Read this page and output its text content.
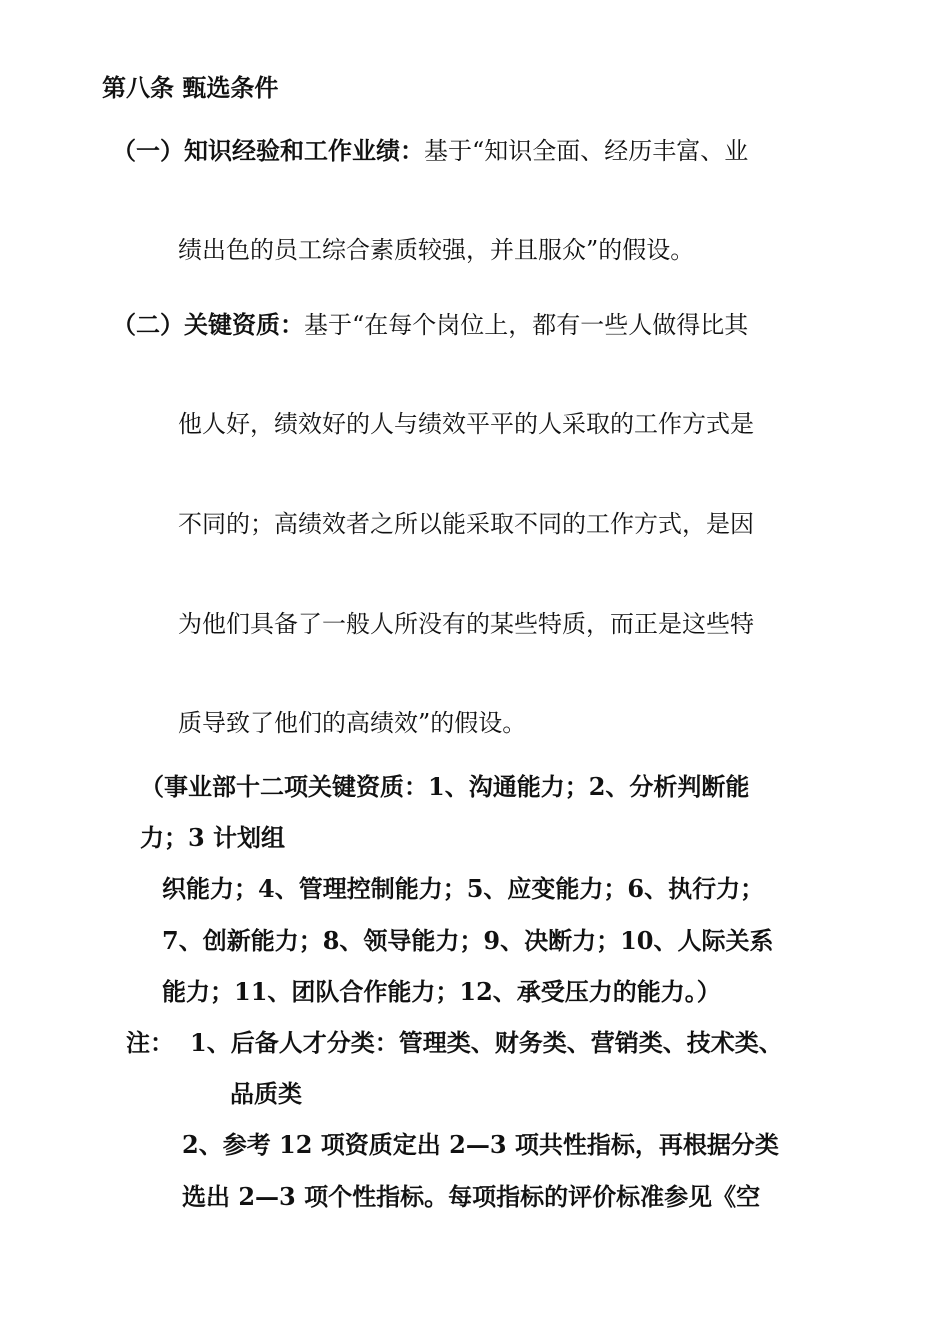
第八条 甄选条件
（一）知识经验和工作业绩：基于“知识全面、经历丰富、业
绩出色的员工综合素质较强，并且服众”的假设。
（二）关键资质：基于“在每个岗位上，都有一些人做得比其
他人好，绩效好的人与绩效平平的人采取的工作方式是
不同的；高绩效者之所以能采取不同的工作方式，是因
为他们具备了一般人所没有的某些特质，而正是这些特
质导致了他们的高绩效”的假设。
（事业部十二项关键资质：1、沟通能力；2、分析判断能
力；3 计划组
织能力；4、管理控制能力；5、应变能力；6、执行力；
7、创新能力；8、领导能力；9、决断力；10、人际关系
能力；11、团队合作能力；12、承受压力的能力。）
注： 1、后备人才分类：管理类、财务类、营销类、技术类、
品质类
2、参考 12 项资质定出 2—3 项共性指标，再根据分类
选出 2—3 项个性指标。每项指标的评价标准参见《空
